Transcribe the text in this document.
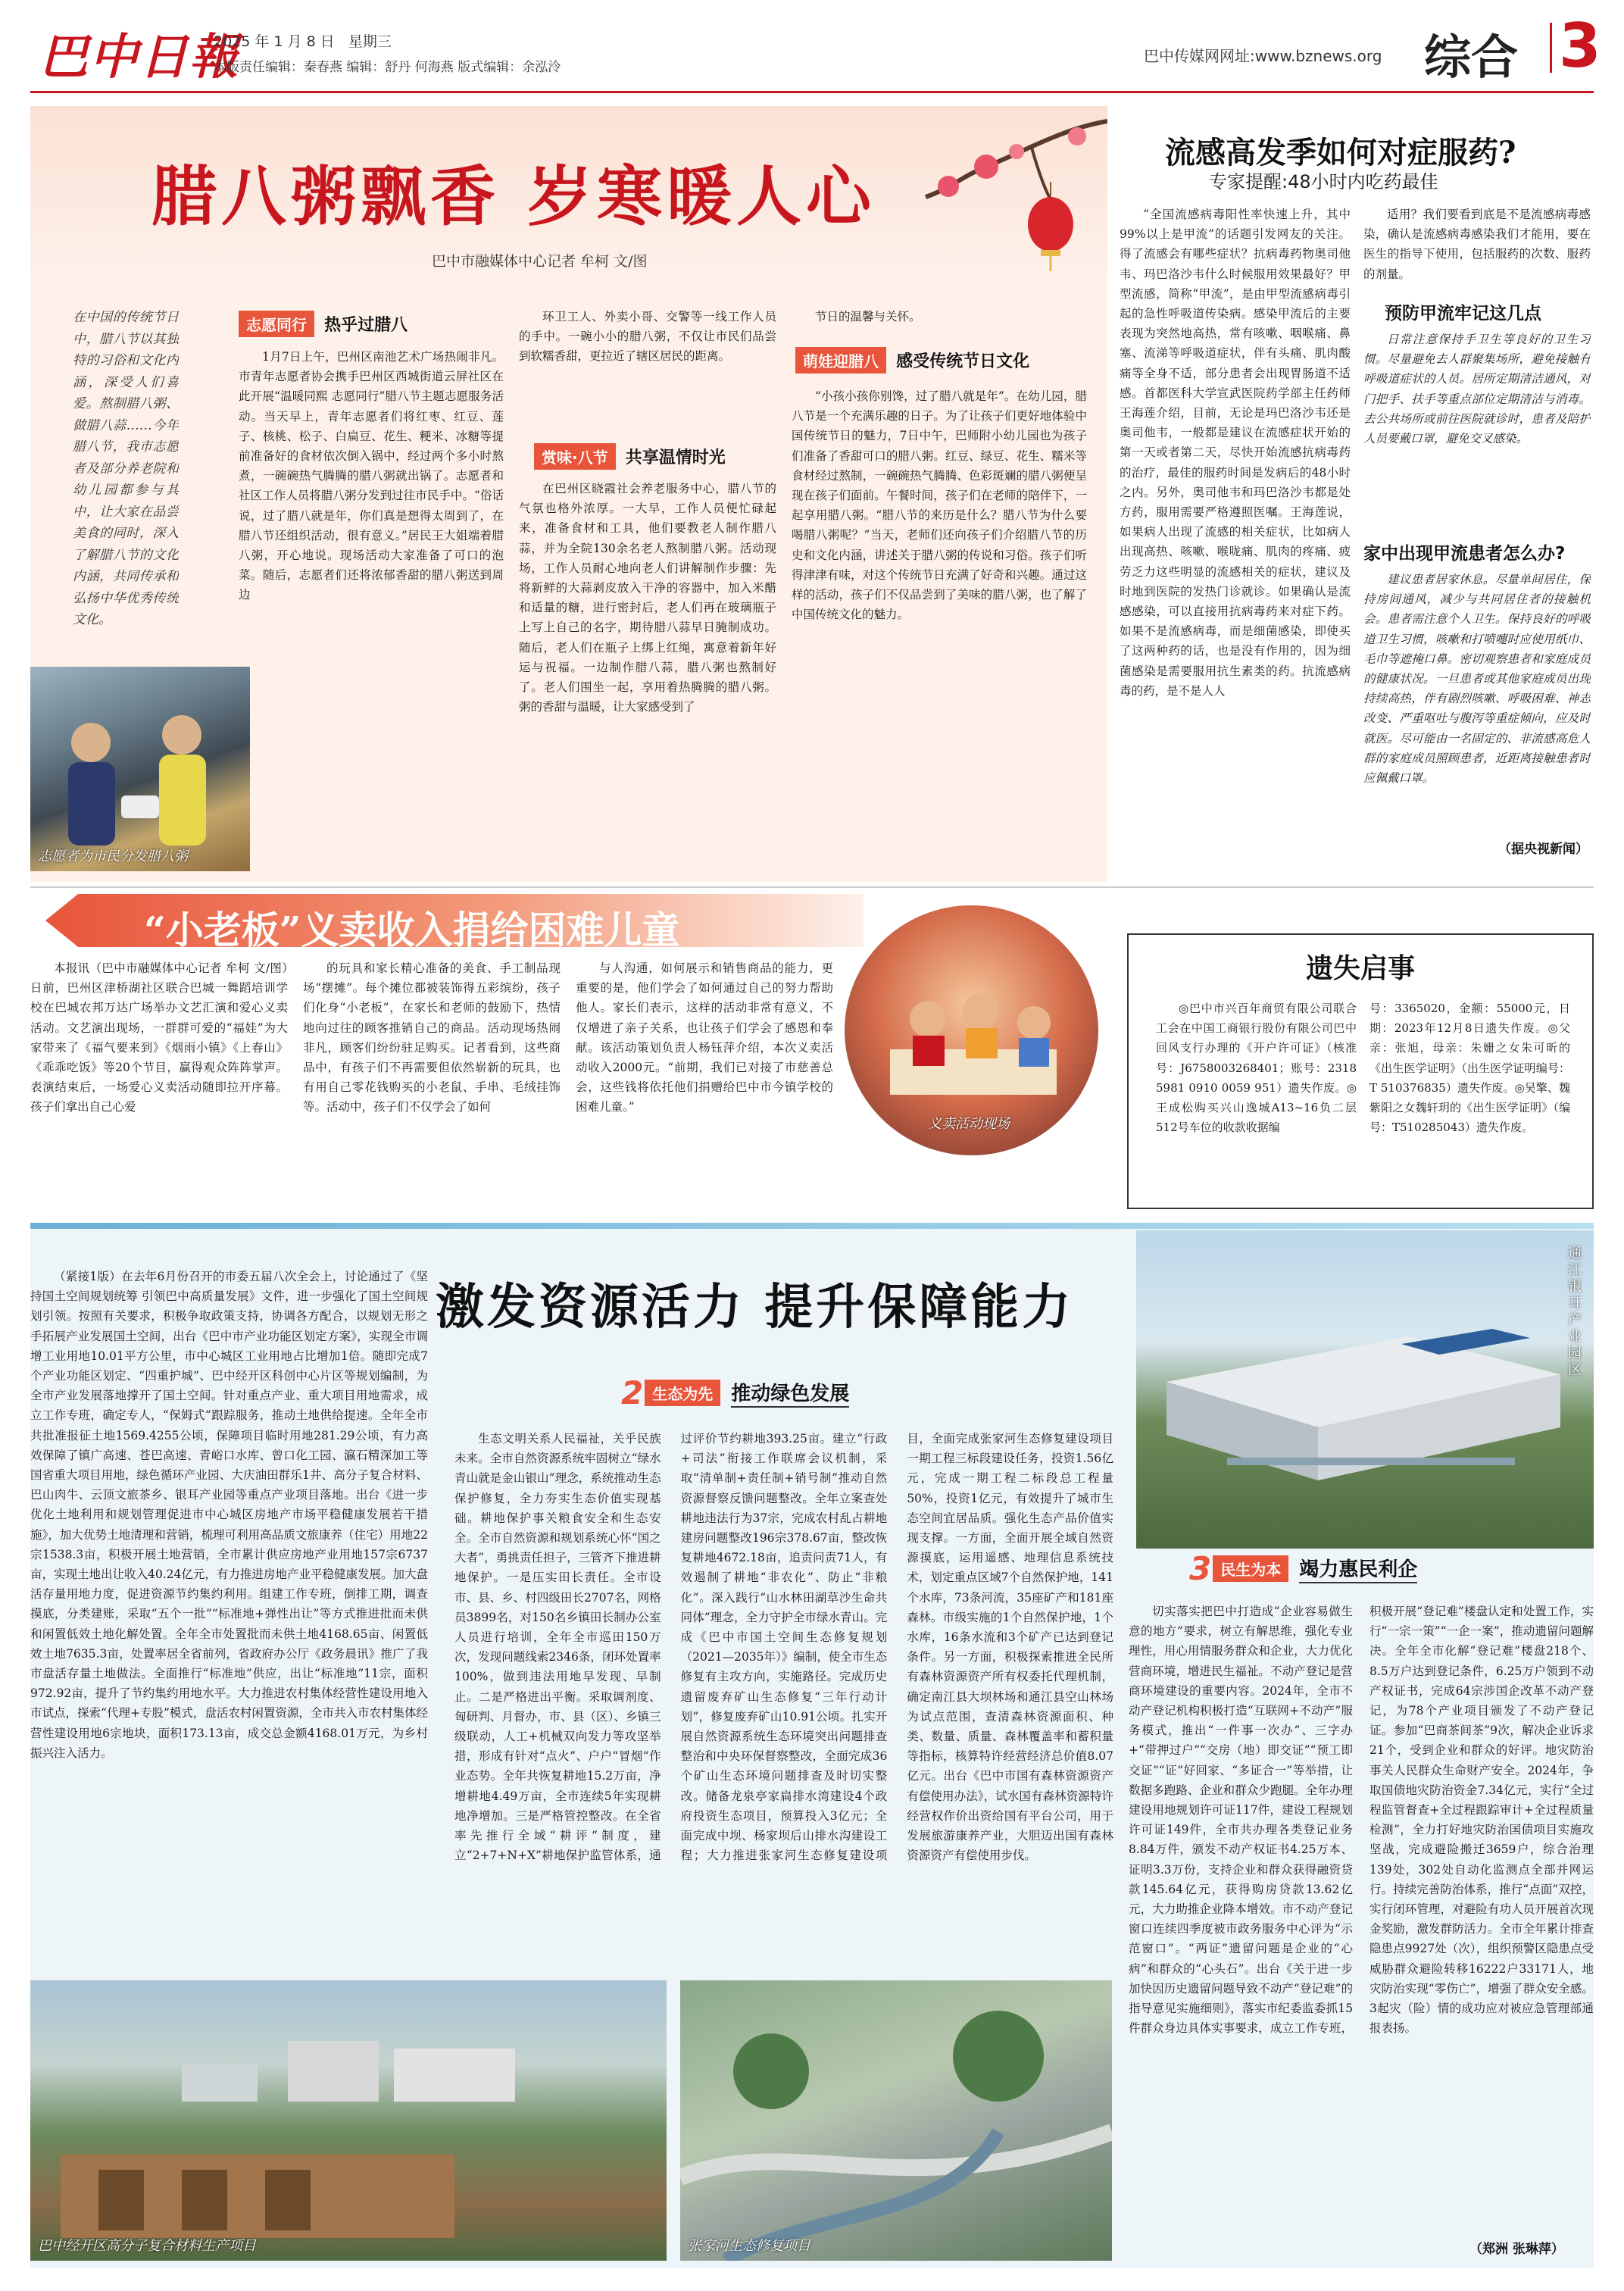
巴中日報
2025 年 1 月 8 日 星期三
本版责任编辑：秦春燕 编辑：舒丹 何海燕 版式编辑：余泓泠
巴中传媒网网址:www.bznews.org 综合 3
腊八粥飘香 岁寒暖人心
巴中市融媒体中心记者 牟柯 文/图
在中国的传统节日中，腊八节以其独特的习俗和文化内涵，深受人们喜爱。熬制腊八粥、做腊八蒜……今年腊八节，我市志愿者及部分养老院和幼儿园都参与其中，让大家在品尝美食的同时，深入了解腊八节的文化内涵，共同传承和弘扬中华优秀传统文化。
志愿者为市民分发腊八粥
志愿同行 热乎过腊八
1月7日上午，巴州区南池艺术广场热闹非凡。市青年志愿者协会携手巴州区西城街道云屏社区在此开展“温暖同熙 志愿同行”腊八节主题志愿服务活动。当天早上，青年志愿者们将红枣、红豆、莲子、核桃、松子、白扁豆、花生、粳米、冰糖等提前准备好的食材依次倒入锅中，经过两个多小时熬煮，一碗碗热气腾腾的腊八粥就出锅了。志愿者和社区工作人员将腊八粥分发到过往市民手中。“俗话说，过了腊八就是年，你们真是想得太周到了，在腊八节还组织活动，很有意义。”居民王大姐端着腊八粥，开心地说。现场活动大家准备了可口的泡菜。随后，志愿者们还将浓郁香甜的腊八粥送到周边
环卫工人、外卖小哥、交警等一线工作人员的手中。一碗小小的腊八粥，不仅让市民们品尝到软糯香甜，更拉近了辖区居民的距离。
赏味·八节 共享温情时光
在巴州区晓霞社会养老服务中心，腊八节的气氛也格外浓厚。一大早，工作人员便忙碌起来，准备食材和工具，他们要教老人制作腊八蒜，并为全院130余名老人熬制腊八粥。活动现场，工作人员耐心地向老人们讲解制作步骤：先将新鲜的大蒜剥皮放入干净的容器中，加入米醋和适量的糖，进行密封后，老人们再在玻璃瓶子上写上自己的名字，期待腊八蒜早日腌制成功。随后，老人们在瓶子上绑上红绳，寓意着新年好运与祝福。一边制作腊八蒜，腊八粥也熬制好了。老人们围坐一起，享用着热腾腾的腊八粥。粥的香甜与温暖，让大家感受到了
节日的温馨与关怀。
萌娃迎腊八 感受传统节日文化
“小孩小孩你别馋，过了腊八就是年”。在幼儿园，腊八节是一个充满乐趣的日子。为了让孩子们更好地体验中国传统节日的魅力，7日中午，巴师附小幼儿园也为孩子们准备了香甜可口的腊八粥。红豆、绿豆、花生、糯米等食材经过熬制，一碗碗热气腾腾、色彩斑斓的腊八粥便呈现在孩子们面前。午餐时间，孩子们在老师的陪伴下，一起享用腊八粥。“腊八节的来历是什么？腊八节为什么要喝腊八粥呢？”当天，老师们还向孩子们介绍腊八节的历史和文化内涵，讲述关于腊八粥的传说和习俗。孩子们听得津津有味，对这个传统节日充满了好奇和兴趣。通过这样的活动，孩子们不仅品尝到了美味的腊八粥，也了解了中国传统文化的魅力。
流感高发季如何对症服药?
专家提醒:48小时内吃药最佳
“全国流感病毒阳性率快速上升，其中99%以上是甲流”的话题引发网友的关注。得了流感会有哪些症状？抗病毒药物奥司他韦、玛巴洛沙韦什么时候服用效果最好？甲型流感，简称“甲流”，是由甲型流感病毒引起的急性呼吸道传染病。感染甲流后的主要表现为突然地高热，常有咳嗽、咽喉痛、鼻塞、流涕等呼吸道症状，伴有头痛、肌肉酸痛等全身不适，部分患者会出现胃肠道不适感。首都医科大学宣武医院药学部主任药师王海莲介绍，目前，无论是玛巴洛沙韦还是奥司他韦，一般都是建议在流感症状开始的第一天或者第二天，尽快开始流感抗病毒药的治疗，最佳的服药时间是发病后的48小时之内。另外，奥司他韦和玛巴洛沙韦都是处方药，服用需要严格遵照医嘱。王海莲说，如果病人出现了流感的相关症状，比如病人出现高热、咳嗽、喉咙痛、肌肉的疼痛、疲劳乏力这些明显的流感相关的症状，建议及时地到医院的发热门诊就诊。如果确认是流感感染，可以直接用抗病毒药来对症下药。如果不是流感病毒，而是细菌感染，即使买了这两种药的话，也是没有作用的，因为细菌感染是需要服用抗生素类的药。抗流感病毒的药，是不是人人
适用？我们要看到底是不是流感病毒感染，确认是流感病毒感染我们才能用，要在医生的指导下使用，包括服药的次数、服药的剂量。
预防甲流牢记这几点
日常注意保持手卫生等良好的卫生习惯。尽量避免去人群聚集场所，避免接触有呼吸道症状的人员。居所定期清洁通风，对门把手、扶手等重点部位定期清洁与消毒。去公共场所或前往医院就诊时，患者及陪护人员要戴口罩，避免交叉感染。
家中出现甲流患者怎么办?
建议患者居家休息。尽量单间居住，保持房间通风，减少与共同居住者的接触机会。患者需注意个人卫生。保持良好的呼吸道卫生习惯，咳嗽和打喷嚏时应使用纸巾、毛巾等遮掩口鼻。密切观察患者和家庭成员的健康状况。一旦患者或其他家庭成员出现持续高热，伴有剧烈咳嗽、呼吸困难、神志改变、严重呕吐与腹泻等重症倾向，应及时就医。尽可能由一名固定的、非流感高危人群的家庭成员照顾患者，近距离接触患者时应佩戴口罩。
（据央视新闻）
“小老板”义卖收入捐给困难儿童
本报讯（巴中市融媒体中心记者 牟柯 文/图）日前，巴州区津桥湖社区联合巴城一舞蹈培训学校在巴城农邦万达广场举办文艺汇演和爱心义卖活动。文艺演出现场，一群群可爱的“福娃”为大家带来了《福气要来到》《烟雨小镇》《上春山》《乖乖吃饭》等20个节目，赢得观众阵阵掌声。表演结束后，一场爱心义卖活动随即拉开序幕。孩子们拿出自己心爱
的玩具和家长精心准备的美食、手工制品现场“摆摊”。每个摊位都被装饰得五彩缤纷，孩子们化身“小老板”，在家长和老师的鼓励下，热情地向过往的顾客推销自己的商品。活动现场热闹非凡，顾客们纷纷驻足购买。记者看到，这些商品中，有孩子们不再需要但依然崭新的玩具，也有用自己零花钱购买的小老鼠、手串、毛绒挂饰等。活动中，孩子们不仅学会了如何
与人沟通，如何展示和销售商品的能力，更重要的是，他们学会了如何通过自己的努力帮助他人。家长们表示，这样的活动非常有意义，不仅增进了亲子关系，也让孩子们学会了感恩和奉献。该活动策划负责人杨钰萍介绍，本次义卖活动收入2000元。“前期，我们已对接了市慈善总会，这些钱将依托他们捐赠给巴中市今镇学校的困难儿童。”
义卖活动现场
遗失启事
◎巴中市兴百年商贸有限公司联合工会在中国工商银行股份有限公司巴中回风支行办理的《开户许可证》（核准号：J6758003268401；账号：2318 5981 0910 0059 951）遗失作废。◎王成松购买兴山逸城A13~16负二层512号车位的收款收据编
号：3365020，金额：55000元，日期：2023年12月8日遗失作废。◎父亲：张旭，母亲：朱姗之女朱可昕的《出生医学证明》（出生医学证明编号：T 510376835）遗失作废。◎吴擎、魏紫阳之女魏轩玥的《出生医学证明》（编号：T510285043）遗失作废。
激发资源活力 提升保障能力
通江银耳产业园区
（紧接1版）在去年6月份召开的市委五届八次全会上，讨论通过了《坚持国土空间规划统筹 引领巴中高质量发展》文件，进一步强化了国土空间规划引领。按照有关要求，积极争取政策支持，协调各方配合，以规划无形之手拓展产业发展国土空间，出台《巴中市产业功能区划定方案》，实现全市调增工业用地10.01平方公里，市中心城区工业用地占比增加1倍。随即完成7个产业功能区划定、“四重护城”、巴中经开区科创中心片区等规划编制，为全市产业发展落地撑开了国土空间。针对重点产业、重大项目用地需求，成立工作专班，确定专人，“保姆式”跟踪服务，推动土地供给提速。全年全市共批准报征土地1569.4255公顷，保障项目临时用地281.29公顷，有力高效保障了镇广高速、苍巴高速、青峪口水库、曾口化工园、瀛石精深加工等国省重大项目用地，绿色循环产业园、大庆油田群乐1井、高分子复合材料、巴山肉牛、云顶文旅茶乡、银耳产业园等重点产业项目落地。出台《进一步优化土地利用和规划管理促进市中心城区房地产市场平稳健康发展若干措施》，加大优势土地清理和营销，梳理可利用高品质文旅康养（住宅）用地22宗1538.3亩，积极开展土地营销，全市累计供应房地产业用地157宗6737亩，实现土地出让收入40.24亿元，有力推进房地产业平稳健康发展。加大盘活存量用地力度，促进资源节约集约利用。组建工作专班，倒排工期，调查摸底，分类建账，采取“五个一批”“标准地+弹性出让”等方式推进批而未供和闲置低效土地化解处置。全年全市处置批而未供土地4168.65亩、闲置低效土地7635.3亩，处置率居全省前列，省政府办公厅《政务晨讯》推广了我市盘活存量土地做法。全面推行“标准地”供应，出让“标准地”11宗，面积972.92亩，提升了节约集约用地水平。大力推进农村集体经营性建设用地入市试点，探索“代理+专股”模式，盘活农村闲置资源，全市共入市农村集体经营性建设用地6宗地块，面积173.13亩，成交总金额4168.01万元，为乡村振兴注入活力。
巴中经开区高分子复合材料生产项目
2 生态为先 推动绿色发展
生态文明关系人民福祉，关乎民族未来。全市自然资源系统牢固树立“绿水青山就是金山银山”理念，系统推动生态保护修复，全力夯实生态价值实现基础。耕地保护事关粮食安全和生态安全。全市自然资源和规划系统心怀“国之大者”，勇挑责任担子，三管齐下推进耕地保护。一是压实田长责任。全市设市、县、乡、村四级田长2707名，网格员3899名，对150名乡镇田长制办公室人员进行培训，全年全市巡田150万次，发现问题线索2346条，闭环处置率100%，做到违法用地早发现、早制止。二是严格进出平衡。采取调剂度、匈研判、月督办，市、县（区）、乡镇三级联动，人工+机械双向发力等攻坚举措，形成有针对“点火”、户户“冒烟”作业态势。全年共恢复耕地15.2万亩，净增耕地4.49万亩，全市连续5年实现耕地净增加。三是严格管控整改。在全省率先推行全域“耕评”制度，建立“2+7+N+X”耕地保护监管体系，通过评价节约耕地393.25亩。建立“行政+司法”衔接工作联席会议机制，采取“清单制+责任制+销号制”推动自然资源督察反馈问题整改。全年立案查处耕地违法行为37宗，完成农村乱占耕地建房问题整改196宗378.67亩，整改恢复耕地4672.18亩，追责问责71人，有效遏制了耕地“非农化”、防止“非粮化”。深入践行“山水林田湖草沙生命共同体”理念，全力守护全市绿水青山。完成《巴中市国土空间生态修复规划（2021—2035年）》编制，使全市生态修复有主攻方向，实施路径。完成历史遗留废弃矿山生态修复“三年行动计划”，修复废弃矿山10.91公顷。扎实开展自然资源系统生态环境突出问题排查整治和中央环保督察整改，全面完成36个矿山生态环境问题排查及时切实整改。储备龙泉亭家扁排水湾建设4个政府投资生态项目，预算投入3亿元；全面完成中坝、杨家坝后山排水沟建设工程；大力推进张家河生态修复建设项目，全面完成张家河生态修复建设项目一期工程三标段建设任务，投资1.56亿元，完成一期工程二标段总工程量50%，投资1亿元，有效提升了城市生态空间宜居品质。强化生态产品价值实现支撑。一方面，全面开展全域自然资源摸底，运用遥感、地理信息系统技术，划定重点区域7个自然保护地，141个水库，73条河流，35座矿产和181座森林。市级实施的1个自然保护地，1个水库，16条水流和3个矿产已达到登记条件。另一方面，积极探索推进全民所有森林资源资产所有权委托代理机制，确定南江县大坝林场和通江县空山林场为试点范围，查清森林资源面积、种类、数量、质量、森林覆盖率和蓄积量等指标，核算特许经营经济总价值8.07亿元。出台《巴中市国有森林资源资产有偿使用办法》，试水国有森林资源特许经营权作价出资给国有平台公司，用于发展旅游康养产业，大胆迈出国有森林资源资产有偿使用步伐。
张家河生态修复项目
3 民生为本 竭力惠民利企
切实落实把巴中打造成“企业容易做生意的地方”要求，树立有解思维，强化专业理性，用心用情服务群众和企业，大力优化营商环境，增进民生福祉。不动产登记是营商环境建设的重要内容。2024年，全市不动产登记机构积极打造“互联网+不动产”服务模式，推出“一件事一次办”、三字办+“带押过户”“交房（地）即交证”“预工即交证”“证”好回家、“多证合一”等举措，让数据多跑路、企业和群众少跑腿。全年办理建设用地规划许可证117件，建设工程规划许可证149件，全市共办理各类登记业务8.84万件，颁发不动产权证书4.25万本、证明3.3万份，支持企业和群众获得融资贷款145.64亿元，获得购房贷款13.62亿元，大力助推企业降本增效。市不动产登记窗口连续四季度被市政务服务中心评为“示范窗口”。“两证”遗留问题是企业的“心病”和群众的“心头石”。出台《关于进一步加快因历史遗留问题导致不动产“登记难”的指导意见实施细则》，落实市纪委监委抓15件群众身边具体实事要求，成立工作专班，积极开展“登记难”楼盘认定和处置工作，实行“一宗一策”“一企一案”，推动遗留问题解决。全年全市化解“登记难”楼盘218个、8.5万户达到登记条件，6.25万户领到不动产权证书，完成64宗涉国企改革不动产登记，为78个产业项目颁发了不动产登记证。参加“巴商茶间茶”9次，解决企业诉求21个，受到企业和群众的好评。地灾防治事关人民群众生命财产安全。2024年，争取国债地灾防治资金7.34亿元，实行“全过程监管督查+全过程跟踪审计+全过程质量检测”，全力打好地灾防治国债项目实施攻坚战，完成避险搬迁3659户，综合治理139处，302处自动化监测点全部并网运行。持续完善防治体系，推行“点面”双控，实行闭环管理，对避险有功人员开展首次现金奖励，激发群防活力。全市全年累计排查隐患点9927处（次），组织预警区隐患点受威胁群众避险转移16222户33171人，地灾防治实现“零伤亡”，增强了群众安全感。3起灾（险）情的成功应对被应急管理部通报表扬。
（郑洲 张琳萍）
